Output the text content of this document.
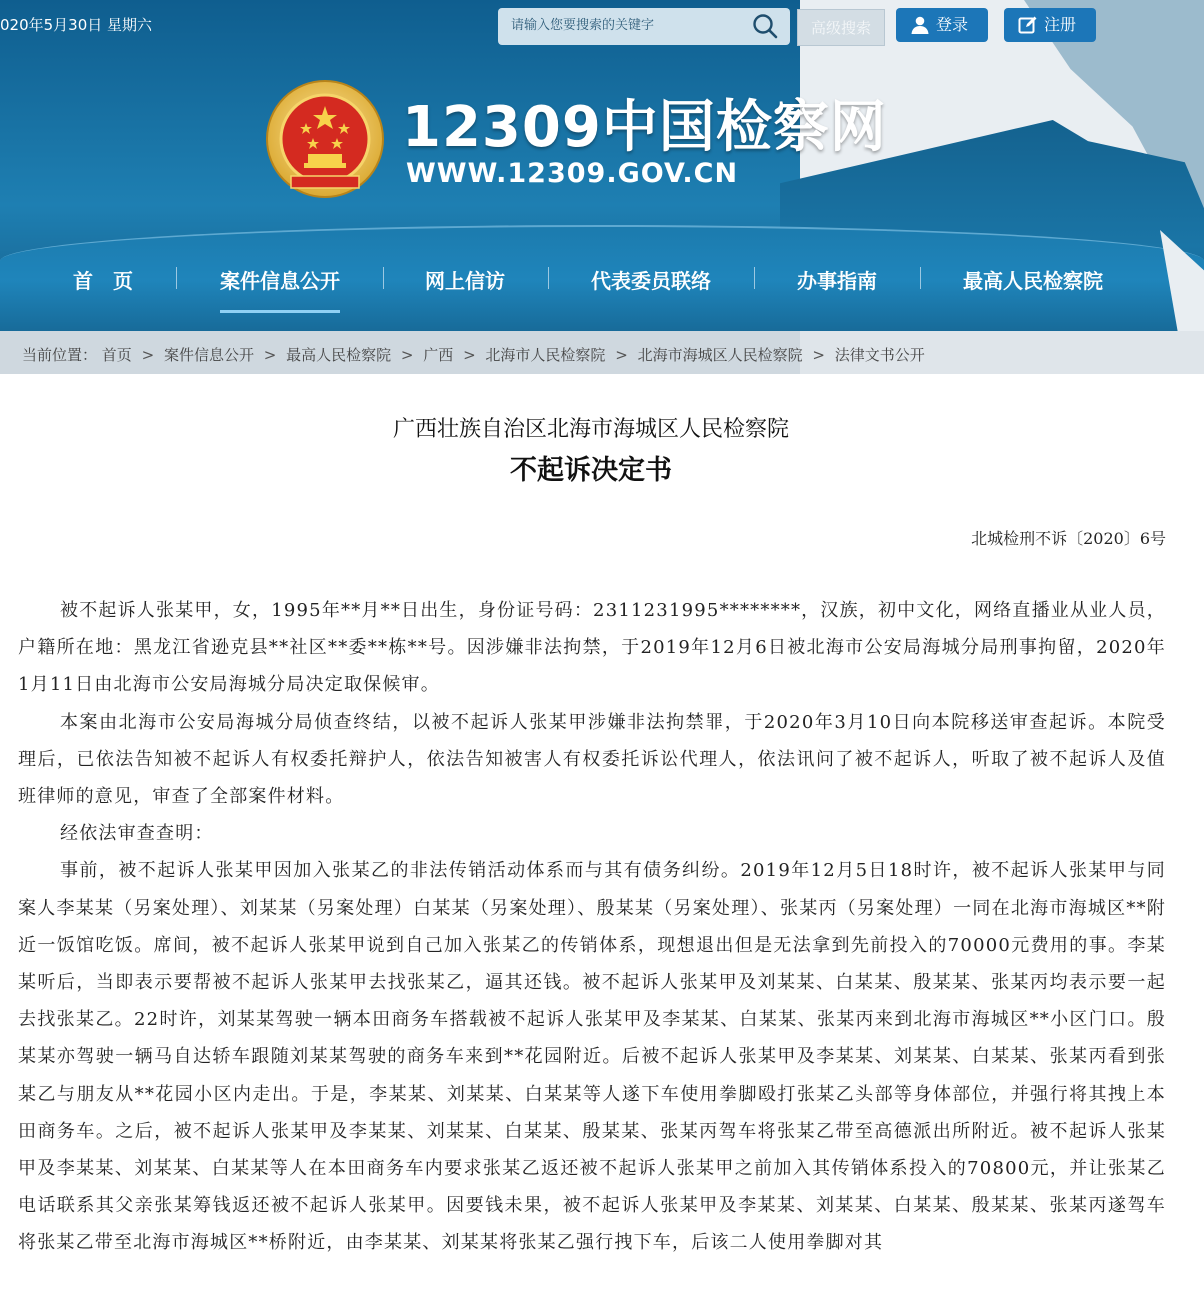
020年5月30日 星期六
请输入您要搜索的关键字	高级搜索	登录	注册
12309中国检察网
WWW.12309.GOV.CN
首　页	案件信息公开	网上信访	代表委员联络	办事指南	最高人民检察院
当前位置： 首页 > 案件信息公开 > 最高人民检察院 > 广西 > 北海市人民检察院 > 北海市海城区人民检察院 > 法律文书公开
广西壮族自治区北海市海城区人民检察院
不起诉决定书
北城检刑不诉〔2020〕6号

被不起诉人张某甲，女，1995年**月**日出生，身份证号码：2311231995********，汉族，初中文化，网络直播业从业人员，户籍所在地：黑龙江省逊克县**社区**委**栋**号。因涉嫌非法拘禁，于2019年12月6日被北海市公安局海城分局刑事拘留，2020年1月11日由北海市公安局海城分局决定取保候审。

本案由北海市公安局海城分局侦查终结，以被不起诉人张某甲涉嫌非法拘禁罪，于2020年3月10日向本院移送审查起诉。本院受理后，已依法告知被不起诉人有权委托辩护人，依法告知被害人有权委托诉讼代理人，依法讯问了被不起诉人，听取了被不起诉人及值班律师的意见，审查了全部案件材料。

经依法审查查明：

事前，被不起诉人张某甲因加入张某乙的非法传销活动体系而与其有债务纠纷。2019年12月5日18时许，被不起诉人张某甲与同案人李某某（另案处理）、刘某某（另案处理）白某某（另案处理）、殷某某（另案处理）、张某丙（另案处理）一同在北海市海城区**附近一饭馆吃饭。席间，被不起诉人张某甲说到自己加入张某乙的传销体系，现想退出但是无法拿到先前投入的70000元费用的事。李某某听后，当即表示要帮被不起诉人张某甲去找张某乙，逼其还钱。被不起诉人张某甲及刘某某、白某某、殷某某、张某丙均表示要一起去找张某乙。22时许，刘某某驾驶一辆本田商务车搭载被不起诉人张某甲及李某某、白某某、张某丙来到北海市海城区**小区门口。殷某某亦驾驶一辆马自达轿车跟随刘某某驾驶的商务车来到**花园附近。后被不起诉人张某甲及李某某、刘某某、白某某、张某丙看到张某乙与朋友从**花园小区内走出。于是，李某某、刘某某、白某某等人遂下车使用拳脚殴打张某乙头部等身体部位，并强行将其拽上本田商务车。之后，被不起诉人张某甲及李某某、刘某某、白某某、殷某某、张某丙驾车将张某乙带至高德派出所附近。被不起诉人张某甲及李某某、刘某某、白某某等人在本田商务车内要求张某乙返还被不起诉人张某甲之前加入其传销体系投入的70800元，并让张某乙电话联系其父亲张某筹钱返还被不起诉人张某甲。因要钱未果，被不起诉人张某甲及李某某、刘某某、白某某、殷某某、张某丙遂驾车将张某乙带至北海市海城区**桥附近，由李某某、刘某某将张某乙强行拽下车，后该二人使用拳脚对其
